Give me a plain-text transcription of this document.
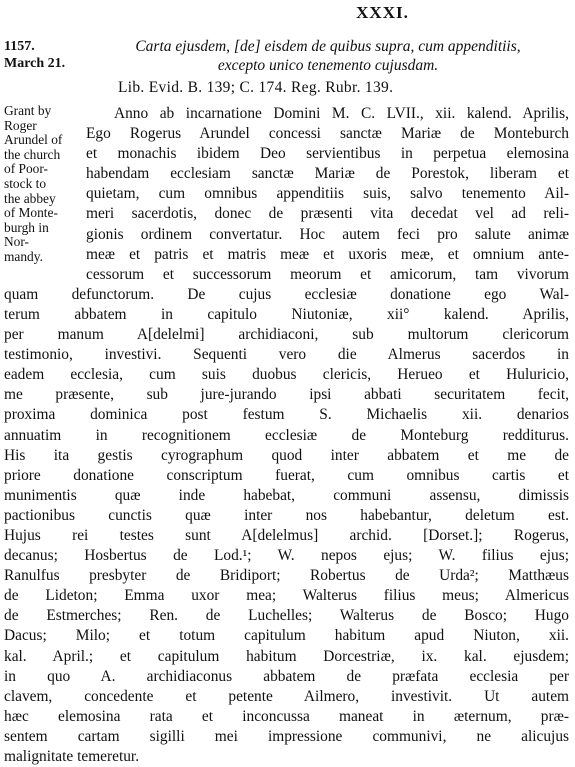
XXXI.
1157.
March 21.
Carta ejusdem, [de] eisdem de quibus supra, cum appenditiis,
excepto unico tenemento cujusdam.
Lib. Evid. B. 139; C. 174. Reg. Rubr. 139.
Grant by
Roger
Arundel of
the church
of Poor-
stock to
the abbey
of Monte-
burgh in
Nor-
mandy.
Anno ab incarnatione Domini M. C. LVII., xii. kalend. Aprilis,
Ego Rogerus Arundel concessi sanctæ Mariæ de Monteburch
et monachis ibidem Deo servientibus in perpetua elemosina
habendam ecclesiam sanctæ Mariæ de Porestok, liberam et
quietam, cum omnibus appenditiis suis, salvo tenemento Ail-
meri sacerdotis, donec de præsenti vita decedat vel ad reli-
gionis ordinem convertatur. Hoc autem feci pro salute animæ
meæ et patris et matris meæ et uxoris meæ, et omnium ante-
cessorum et successorum meorum et amicorum, tam vivorum
quam defunctorum. De cujus ecclesiæ donatione ego Wal-
terum abbatem in capitulo Niutoniæ, xii° kalend. Aprilis,
per manum A[delelmi] archidiaconi, sub multorum clericorum
testimonio, investivi. Sequenti vero die Almerus sacerdos in
eadem ecclesia, cum suis duobus clericis, Herueo et Huluricio,
me præsente, sub jure-jurando ipsi abbati securitatem fecit,
proxima dominica post festum S. Michaelis xii. denarios
annuatim in recognitionem ecclesiæ de Monteburg redditurus.
His ita gestis cyrographum quod inter abbatem et me de
priore donatione conscriptum fuerat, cum omnibus cartis et
munimentis quæ inde habebat, communi assensu, dimissis
pactionibus cunctis quæ inter nos habebantur, deletum est.
Hujus rei testes sunt A[delelmus] archid. [Dorset.]; Rogerus,
decanus; Hosbertus de Lod.¹; W. nepos ejus; W. filius ejus;
Ranulfus presbyter de Bridiport; Robertus de Urda²; Matthæus
de Lideton; Emma uxor mea; Walterus filius meus; Almericus
de Estmerches; Ren. de Luchelles; Walterus de Bosco; Hugo
Dacus; Milo; et totum capitulum habitum apud Niuton, xii.
kal. April.; et capitulum habitum Dorcestriæ, ix. kal. ejusdem;
in quo A. archidiaconus abbatem de præfata ecclesia per
clavem, concedente et petente Ailmero, investivit. Ut autem
hæc elemosina rata et inconcussa maneat in æternum, præ-
sentem cartam sigilli mei impressione communivi, ne alicujus
malignitate temeretur.
